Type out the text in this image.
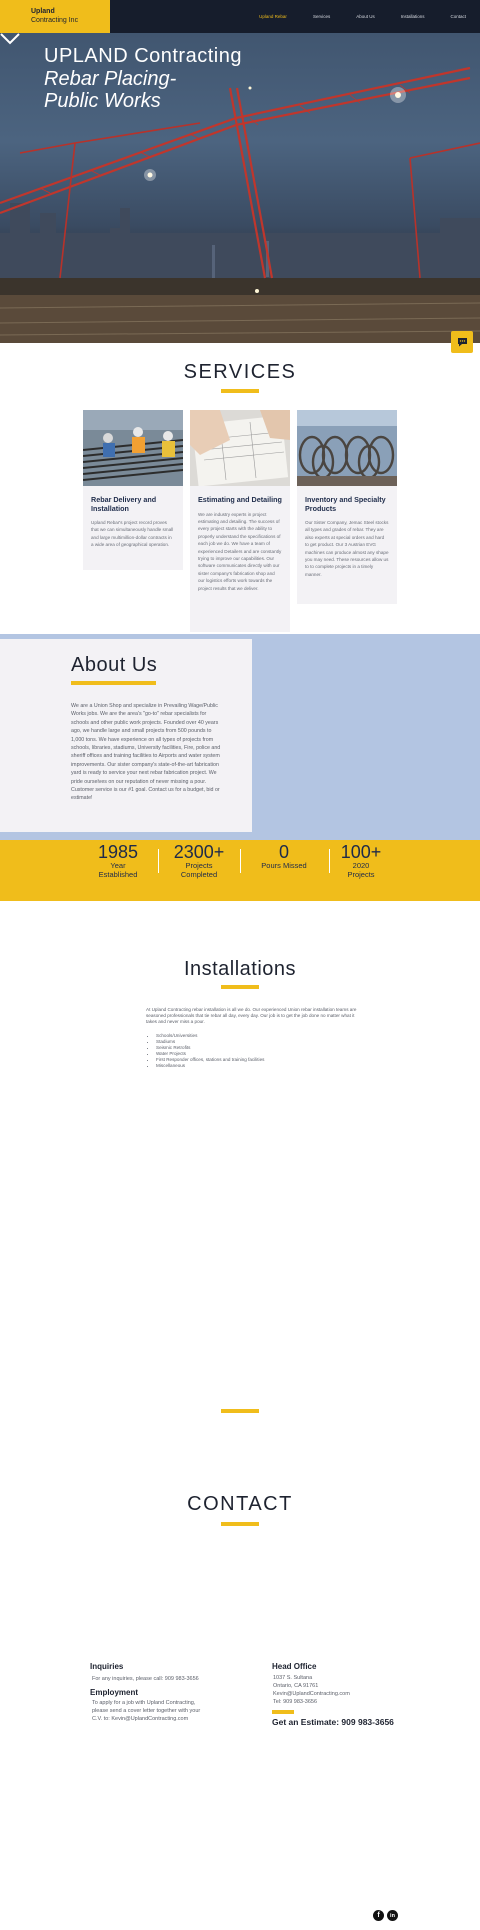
Upland
Contracting Inc
Upland Rebar	Services	About Us	Installations	Contact
UPLAND Contracting
Rebar Placing-
Public Works
SERVICES
Rebar Delivery and Installation
Upland Rebar's project record proves that we can simultaneously handle small and large multimillion-dollar contracts in a wide area of geographical operation.
Estimating and Detailing
We are industry experts in project estimating and detailing. The success of every project starts with the ability to properly understand the specifications of each job we do. We have a team of experienced Detailers and are constantly trying to improve our capabilities. Our software communicates directly with our sister company's fabrication shop and our logistics efforts work towards the project results that we deliver.
Inventory and Specialty Products
Our Sister Company, Jemac Steel stocks all types and grades of rebar. They are also experts at special orders and hard to get product. Our 3 Austrian EVG machines can produce almost any shape you may need. These resources allow us to to complete projects in a timely manner.
About Us
We are a Union Shop and specialize in Prevailing Wage/Public Works jobs. We are the area's "go-to" rebar specialists for schools and other public work projects. Founded over 40 years ago, we handle large and small projects from 500 pounds to 1,000 tons. We have experience on all types of projects from schools, libraries, stadiums, University facilities, Fire, police and sheriff offices and training facilities to Airports and water system improvements. Our sister company's state-of-the-art fabrication yard is ready to service your next rebar fabrication project. We pride ourselves on our reputation of never missing a pour. Customer service is our #1 goal. Contact us for a budget, bid or estimate!
1985
Year
Established
2300+
Projects
Completed
0
Pours Missed
100+
2020
Projects
Installations
At Upland Contracting rebar installation is all we do. Our experienced Union rebar installation teams are seasoned professionals that tie rebar all day, every day. Our job is to get the job done no matter what it takes and never miss a pour.
• Schools/Universities
• Stadiums
• Seismic Retrofits
• Water Projects
• First Responder offices, stations and training facilities
• Miscellaneous
CONTACT
Inquiries
For any inquiries, please call: 909 983-3656
Employment
To apply for a job with Upland Contracting,
please send a cover letter together with your
C.V. to: Kevin@UplandContracting.com
Head Office
1037 S. Sultana
Ontario, CA 91761
Kevin@UplandContracting.com
Tel: 909 983-3656
Get an Estimate: 909 983-3656
f	in
